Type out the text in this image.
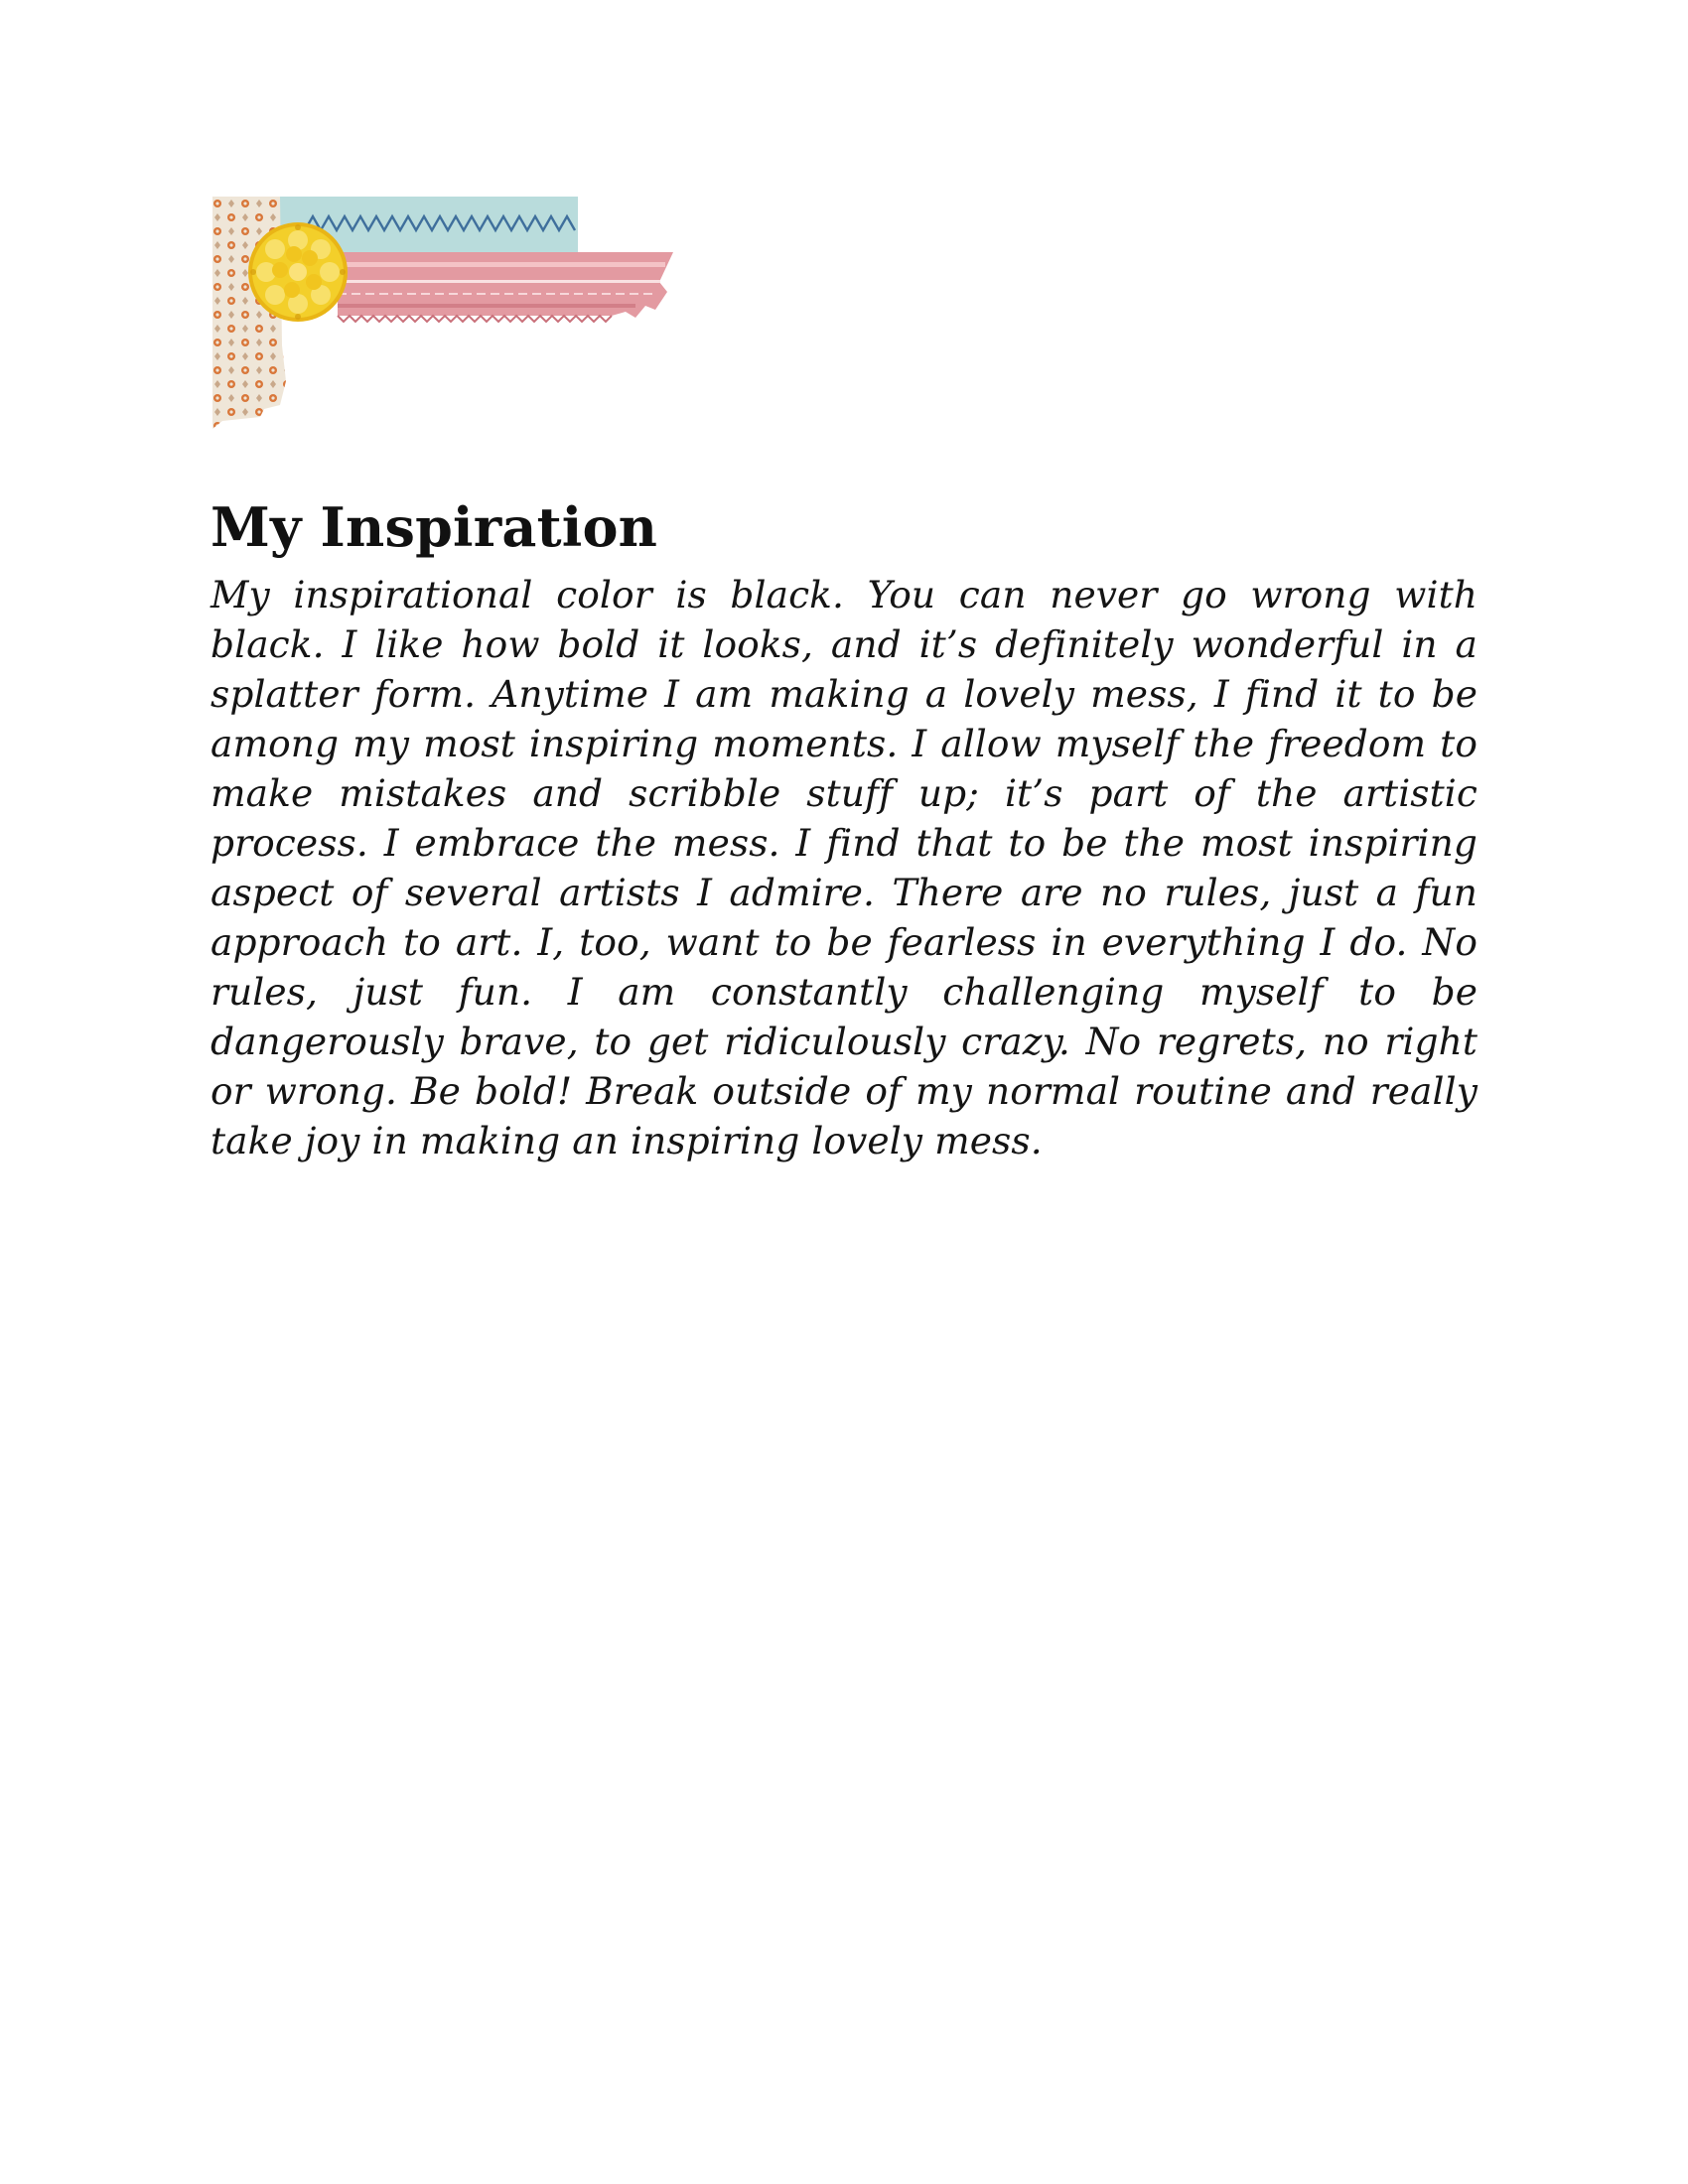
My Inspiration

My inspirational color is black. You can never go wrong with black. I like how bold it looks, and it’s definitely wonderful in a splatter form. Anytime I am making a lovely mess, I find it to be among my most inspiring moments. I allow myself the freedom to make mistakes and scribble stuff up; it’s part of the artistic process. I embrace the mess. I find that to be the most inspiring aspect of several artists I admire. There are no rules, just a fun approach to art. I, too, want to be fearless in everything I do. No rules, just fun. I am constantly challenging myself to be dangerously brave, to get ridiculously crazy. No regrets, no right or wrong. Be bold! Break outside of my normal routine and really take joy in making an inspiring lovely mess.
